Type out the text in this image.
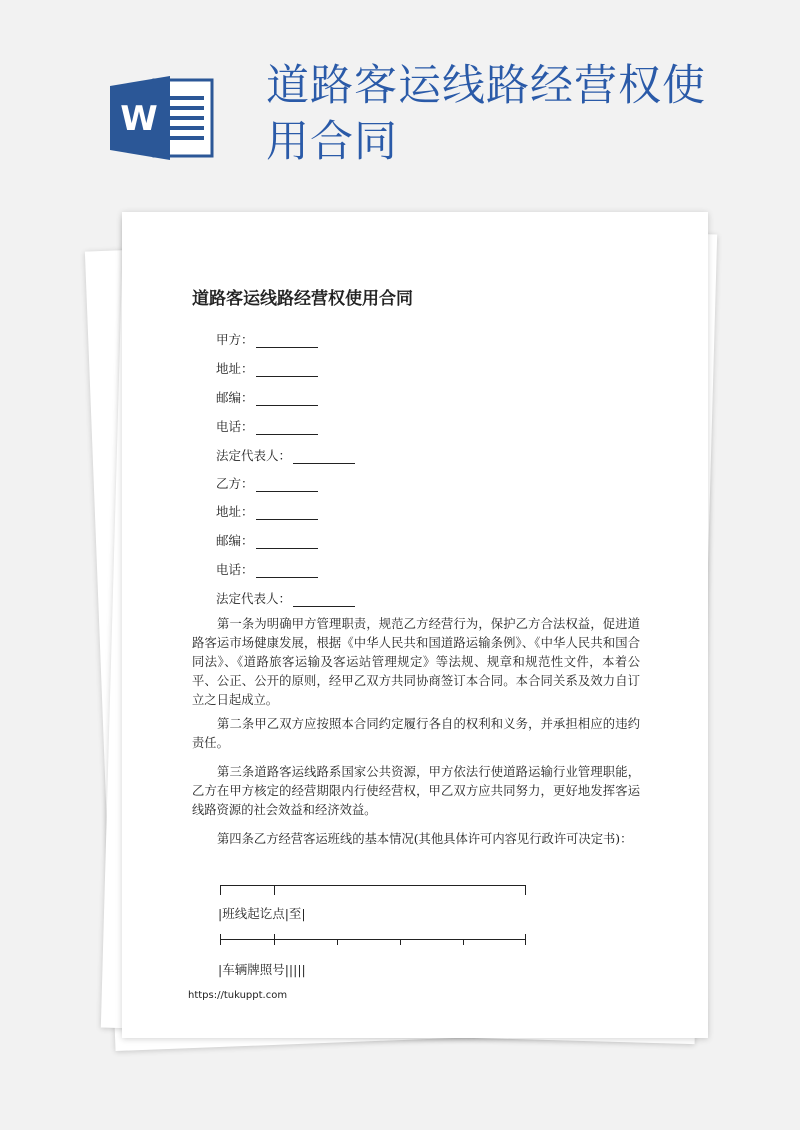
W
道路客运线路经营权使用合同
道路客运线路经营权使用合同
甲方：
地址：
邮编：
电话：
法定代表人：
乙方：
地址：
邮编：
电话：
法定代表人：

第一条为明确甲方管理职责，规范乙方经营行为，保护乙方合法权益，促进道路客运市场健康发展，根据《中华人民共和国道路运输条例》、《中华人民共和国合同法》、《道路旅客运输及客运站管理规定》等法规、规章和规范性文件，本着公平、公正、公开的原则，经甲乙双方共同协商签订本合同。本合同关系及效力自订立之日起成立。

第二条甲乙双方应按照本合同约定履行各自的权利和义务，并承担相应的违约责任。

第三条道路客运线路系国家公共资源，甲方依法行使道路运输行业管理职能，乙方在甲方核定的经营期限内行使经营权，甲乙双方应共同努力，更好地发挥客运线路资源的社会效益和经济效益。

第四条乙方经营客运班线的基本情况(其他具体许可内容见行政许可决定书)：

|班线起讫点|至|
|车辆牌照号|||||
https://tukuppt.com
